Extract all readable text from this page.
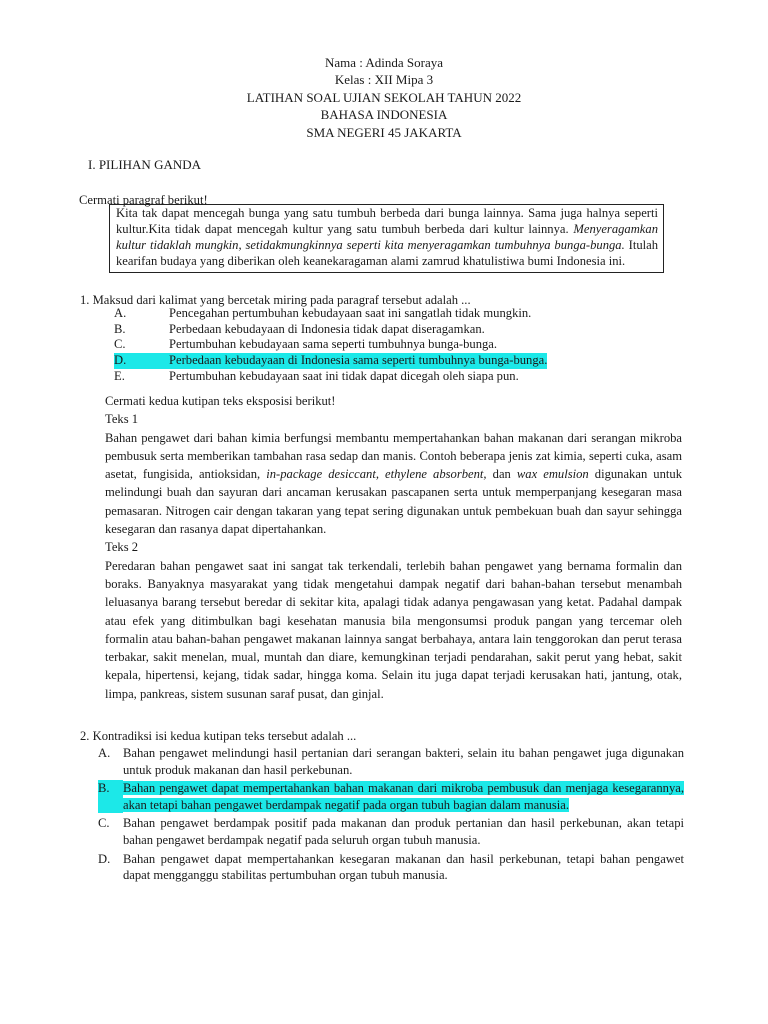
Nama : Adinda Soraya
Kelas : XII Mipa 3
LATIHAN SOAL UJIAN SEKOLAH TAHUN 2022
BAHASA INDONESIA
SMA NEGERI 45 JAKARTA
I. PILIHAN GANDA
Cermati paragraf berikut!
Kita tak dapat mencegah bunga yang satu tumbuh berbeda dari bunga lainnya. Sama juga halnya seperti kultur.Kita tidak dapat mencegah kultur yang satu tumbuh berbeda dari kultur lainnya. Menyeragamkan kultur tidaklah mungkin, setidakmungkinnya seperti kita menyeragamkan tumbuhnya bunga-bunga. Itulah kearifan budaya yang diberikan oleh keanekaragaman alami zamrud khatulistiwa bumi Indonesia ini.
1. Maksud dari kalimat yang bercetak miring pada paragraf tersebut adalah ...
A.	Pencegahan pertumbuhan kebudayaan saat ini sangatlah tidak mungkin.
B.	Perbedaan kebudayaan di Indonesia tidak dapat diseragamkan.
C.	Pertumbuhan kebudayaan sama seperti tumbuhnya bunga-bunga.
D.	Perbedaan kebudayaan di Indonesia sama seperti tumbuhnya bunga-bunga.
E.	Pertumbuhan kebudayaan saat ini tidak dapat dicegah oleh siapa pun.

Cermati kedua kutipan teks eksposisi berikut!

Teks 1

Bahan pengawet dari bahan kimia berfungsi membantu mempertahankan bahan makanan dari serangan mikroba pembusuk serta memberikan tambahan rasa sedap dan manis. Contoh beberapa jenis zat kimia, seperti cuka, asam asetat, fungisida, antioksidan, in-package desiccant, ethylene absorbent, dan wax emulsion digunakan untuk melindungi buah dan sayuran dari ancaman kerusakan pascapanen serta untuk memperpanjang kesegaran masa pemasaran. Nitrogen cair dengan takaran yang tepat sering digunakan untuk pembekuan buah dan sayur sehingga kesegaran dan rasanya dapat dipertahankan.

Teks 2

Peredaran bahan pengawet saat ini sangat tak terkendali, terlebih bahan pengawet yang bernama formalin dan boraks. Banyaknya masyarakat yang tidak mengetahui dampak negatif dari bahan-bahan tersebut menambah leluasanya barang tersebut beredar di sekitar kita, apalagi tidak adanya pengawasan yang ketat. Padahal dampak atau efek yang ditimbulkan bagi kesehatan manusia bila mengonsumsi produk pangan yang tercemar oleh formalin atau bahan-bahan pengawet makanan lainnya sangat berbahaya, antara lain tenggorokan dan perut terasa terbakar, sakit menelan, mual, muntah dan diare, kemungkinan terjadi pendarahan, sakit perut yang hebat, sakit kepala, hipertensi, kejang, tidak sadar, hingga koma. Selain itu juga dapat terjadi kerusakan hati, jantung, otak, limpa, pankreas, sistem susunan saraf pusat, dan ginjal.

2. Kontradiksi isi kedua kutipan teks tersebut adalah ...
A.	Bahan pengawet melindungi hasil pertanian dari serangan bakteri, selain itu bahan pengawet juga digunakan untuk produk makanan dan hasil perkebunan.
B.	Bahan pengawet dapat mempertahankan bahan makanan dari mikroba pembusuk dan menjaga kesegarannya, akan tetapi bahan pengawet berdampak negatif pada organ tubuh bagian dalam manusia.
C.	Bahan pengawet berdampak positif pada makanan dan produk pertanian dan hasil perkebunan, akan tetapi bahan pengawet berdampak negatif pada seluruh organ tubuh manusia.
D.	Bahan pengawet dapat mempertahankan kesegaran makanan dan hasil perkebunan, tetapi bahan pengawet dapat mengganggu stabilitas pertumbuhan organ tubuh manusia.
